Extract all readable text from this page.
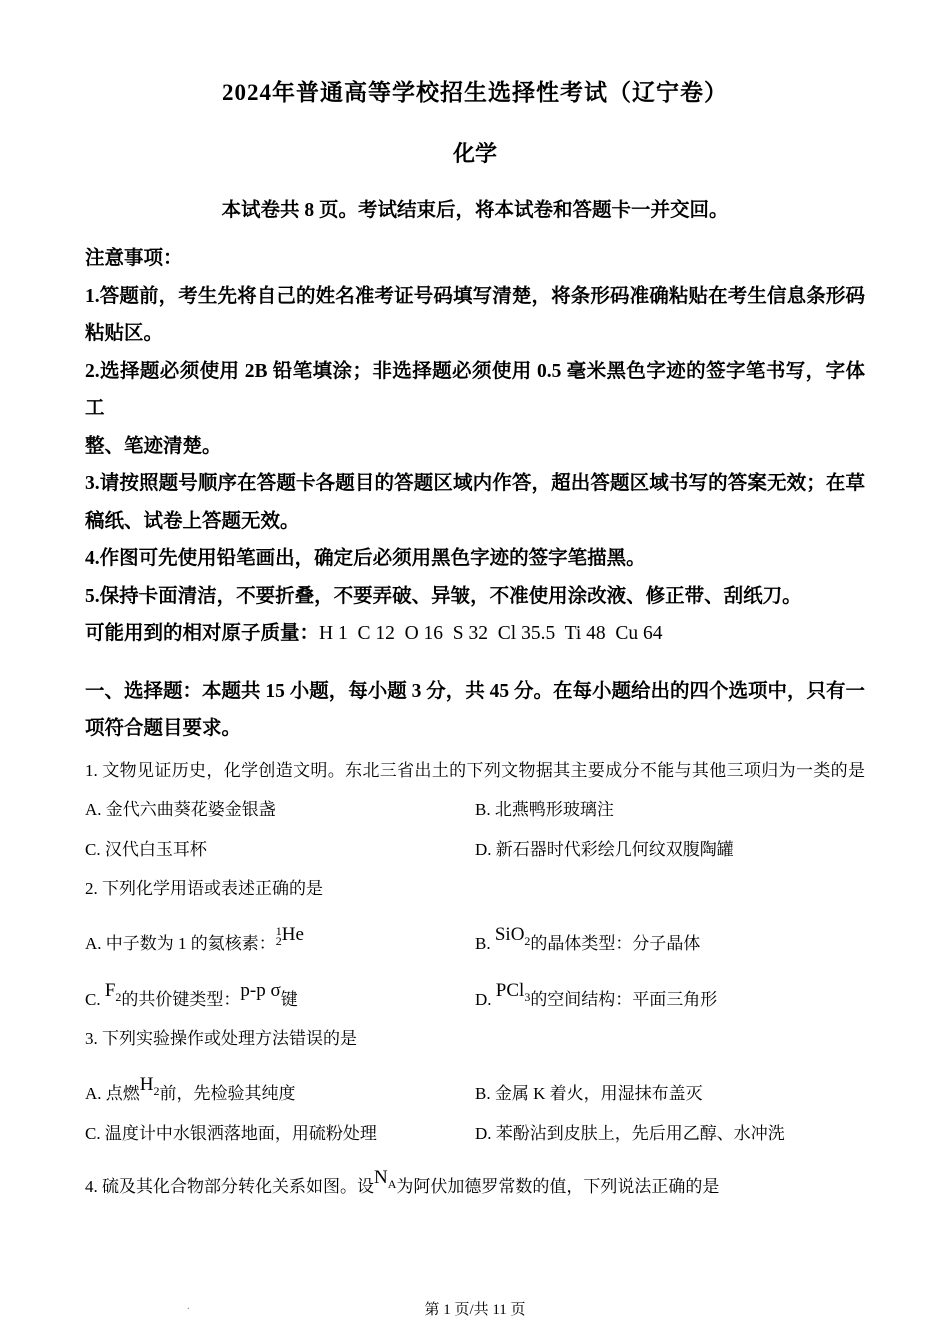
2024年普通高等学校招生选择性考试（辽宁卷）
化学
本试卷共 8 页。考试结束后，将本试卷和答题卡一并交回。
注意事项：
1.答题前，考生先将自己的姓名准考证号码填写清楚，将条形码准确粘贴在考生信息条形码
粘贴区。
2.选择题必须使用 2B 铅笔填涂；非选择题必须使用 0.5 毫米黑色字迹的签字笔书写，字体工
整、笔迹清楚。
3.请按照题号顺序在答题卡各题目的答题区域内作答，超出答题区域书写的答案无效；在草
稿纸、试卷上答题无效。
4.作图可先使用铅笔画出，确定后必须用黑色字迹的签字笔描黑。
5.保持卡面清洁，不要折叠，不要弄破、异皱，不准使用涂改液、修正带、刮纸刀。
可能用到的相对原子质量：H 1  C 12  O 16  S 32  Cl 35.5  Ti 48  Cu 64
一、选择题：本题共 15 小题，每小题 3 分，共 45 分。在每小题给出的四个选项中，只有一
项符合题目要求。
1. 文物见证历史，化学创造文明。东北三省出土的下列文物据其主要成分不能与其他三项归为一类的是
A. 金代六曲葵花婆金银盏	B. 北燕鸭形玻璃注
C. 汉代白玉耳杯	D. 新石器时代彩绘几何纹双腹陶罐
2. 下列化学用语或表述正确的是
A. 中子数为 1 的氦核素：
1
2 He	B. SiO$_2$的晶体类型：分子晶体
C. $F_2$的共价键类型：p-p σ键	D. PCl$_3$的空间结构：平面三角形
3. 下列实验操作或处理方法错误的是
A. 点燃$H_2$前，先检验其纯度	B. 金属 K 着火，用湿抹布盖灭
C. 温度计中水银洒落地面，用硫粉处理	D. 苯酚沾到皮肤上，先后用乙醇、水冲洗
4. 硫及其化合物部分转化关系如图。设$N_A$为阿伏加德罗常数的值，下列说法正确的是
.	第 1 页/共 11 页
